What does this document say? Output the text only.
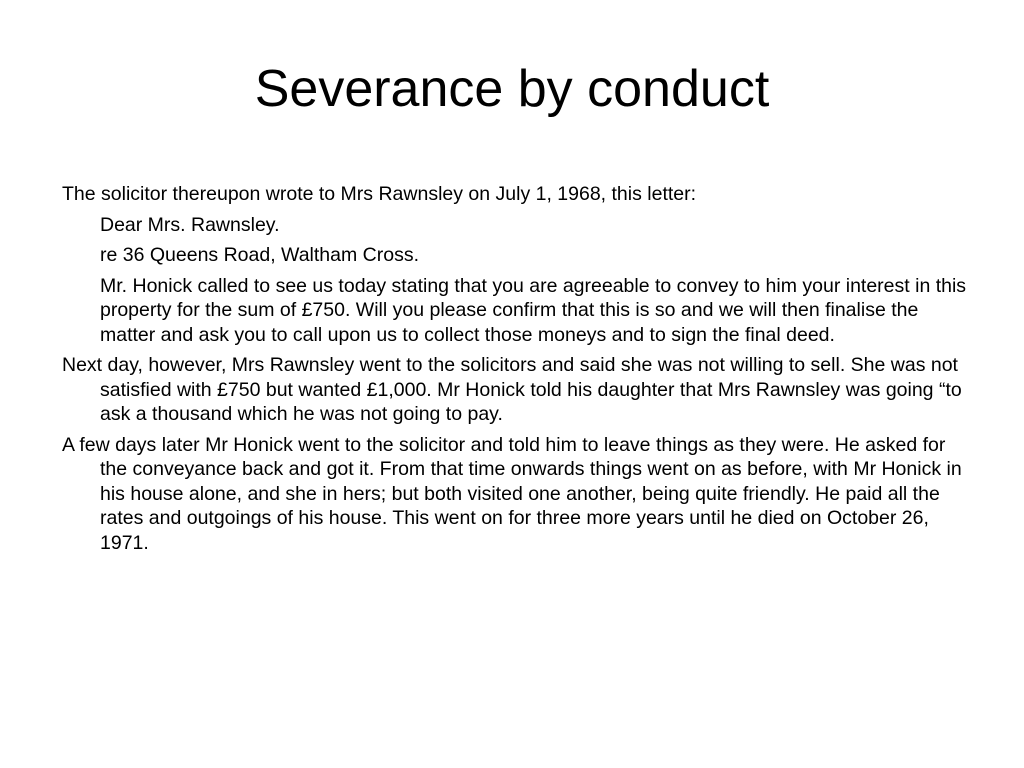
Severance by conduct

The solicitor thereupon wrote to Mrs Rawnsley on July 1, 1968, this letter:

Dear Mrs. Rawnsley.

re 36 Queens Road, Waltham Cross.

Mr. Honick called to see us today stating that you are agreeable to convey to him your interest in this property for the sum of £750. Will you please confirm that this is so and we will then finalise the matter and ask you to call upon us to collect those moneys and to sign the final deed.

Next day, however, Mrs Rawnsley went to the solicitors and said she was not willing to sell. She was not satisfied with £750 but wanted £1,000. Mr Honick told his daughter that Mrs Rawnsley was going “to ask a thousand which he was not going to pay.

A few days later Mr Honick went to the solicitor and told him to leave things as they were. He asked for the conveyance back and got it. From that time onwards things went on as before, with Mr Honick in his house alone, and she in hers; but both visited one another, being quite friendly. He paid all the rates and outgoings of his house. This went on for three more years until he died on October 26, 1971.
